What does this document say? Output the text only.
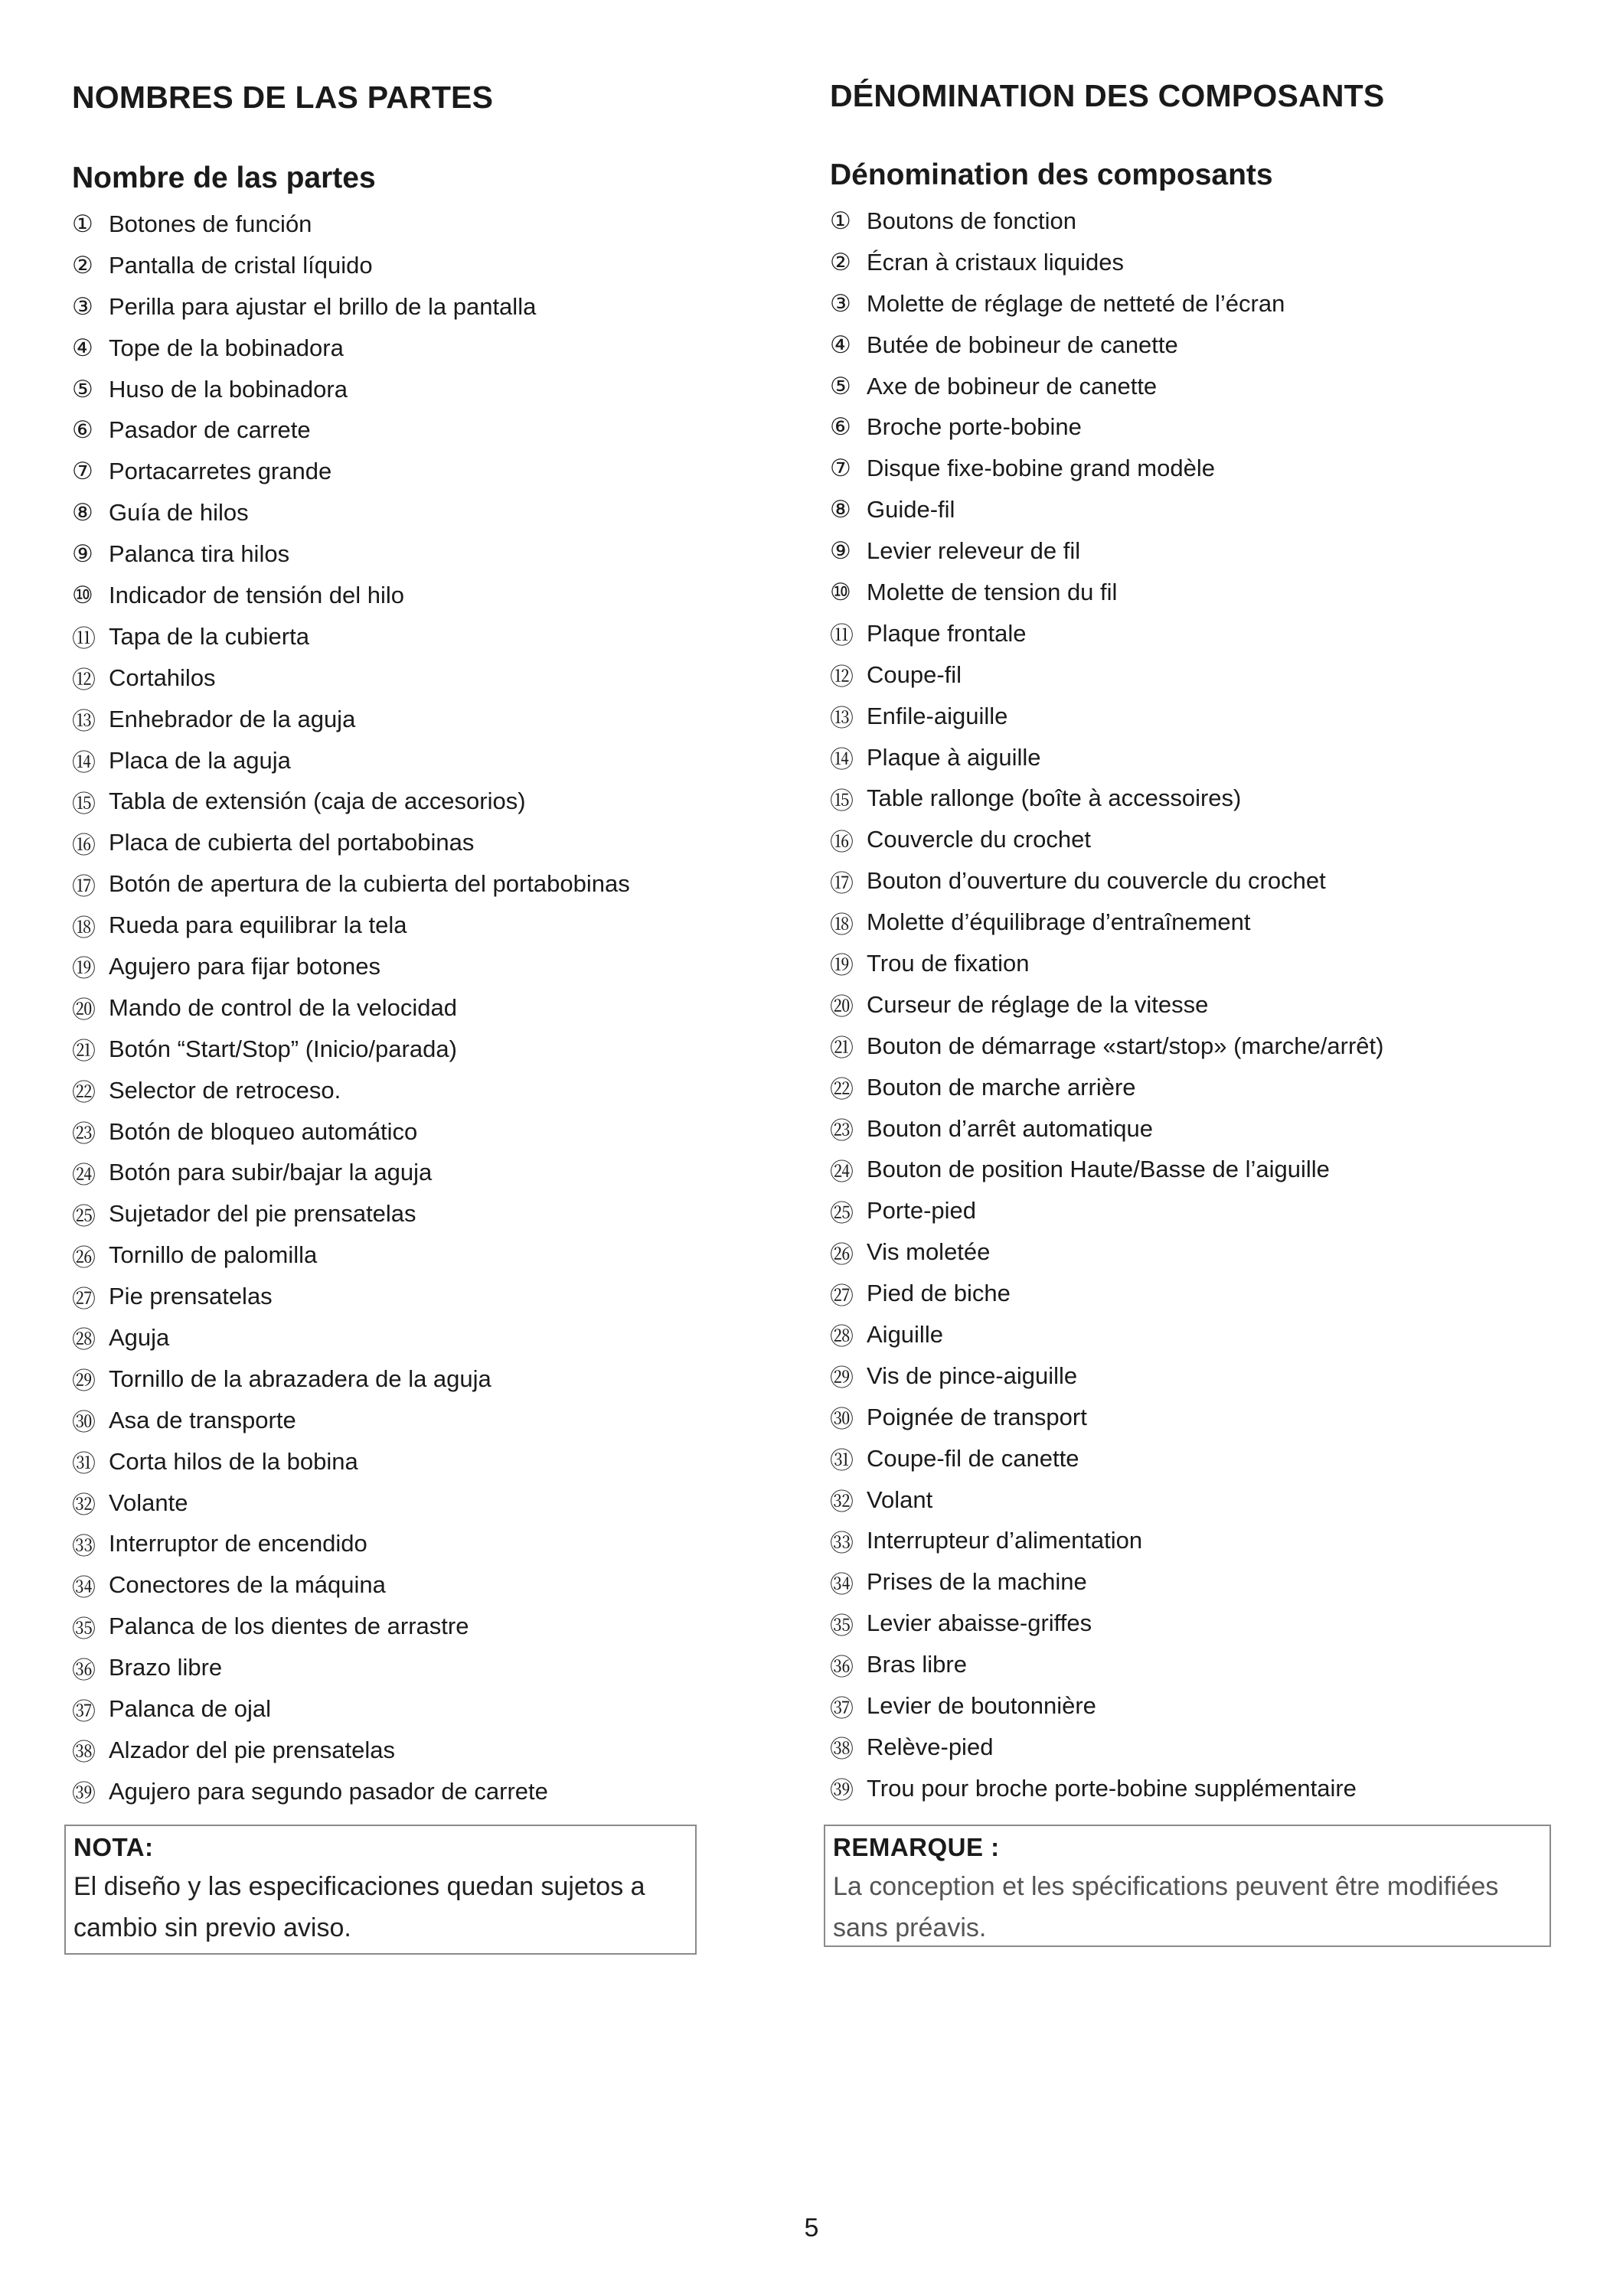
NOMBRES DE LAS PARTES
Nombre de las partes
① Botones de función
② Pantalla de cristal líquido
③ Perilla para ajustar el brillo de la pantalla
④ Tope de la bobinadora
⑤ Huso de la bobinadora
⑥ Pasador de carrete
⑦ Portacarretes grande
⑧ Guía de hilos
⑨ Palanca tira hilos
⑩ Indicador de tensión del hilo
⑪ Tapa de la cubierta
⑫ Cortahilos
⑬ Enhebrador de la aguja
⑭ Placa de la aguja
⑮ Tabla de extensión (caja de accesorios)
⑯ Placa de cubierta del portabobinas
⑰ Botón de apertura de la cubierta del portabobinas
⑱ Rueda para equilibrar la tela
⑲ Agujero para fijar botones
⑳ Mando de control de la velocidad
㉑ Botón “Start/Stop” (Inicio/parada)
㉒ Selector de retroceso.
㉓ Botón de bloqueo automático
㉔ Botón para subir/bajar la aguja
㉕ Sujetador del pie prensatelas
㉖ Tornillo de palomilla
㉗ Pie prensatelas
㉘ Aguja
㉙ Tornillo de la abrazadera de la aguja
㉚ Asa de transporte
㉛ Corta hilos de la bobina
㉜ Volante
㉝ Interruptor de encendido
㉞ Conectores de la máquina
㉟ Palanca de los dientes de arrastre
㊱ Brazo libre
㊲ Palanca de ojal
㊳ Alzador del pie prensatelas
㊴ Agujero para segundo pasador de carrete

NOTA:

El diseño y las especificaciones quedan sujetos a
cambio sin previo aviso.

DÉNOMINATION DES COMPOSANTS
Dénomination des composants
① Boutons de fonction
② Écran à cristaux liquides
③ Molette de réglage de netteté de l’écran
④ Butée de bobineur de canette
⑤ Axe de bobineur de canette
⑥ Broche porte-bobine
⑦ Disque fixe-bobine grand modèle
⑧ Guide-fil
⑨ Levier releveur de fil
⑩ Molette de tension du fil
⑪ Plaque frontale
⑫ Coupe-fil
⑬ Enfile-aiguille
⑭ Plaque à aiguille
⑮ Table rallonge (boîte à accessoires)
⑯ Couvercle du crochet
⑰ Bouton d’ouverture du couvercle du crochet
⑱ Molette d’équilibrage d’entraînement
⑲ Trou de fixation
⑳ Curseur de réglage de la vitesse
㉑ Bouton de démarrage «start/stop» (marche/arrêt)
㉒ Bouton de marche arrière
㉓ Bouton d’arrêt automatique
㉔ Bouton de position Haute/Basse de l’aiguille
㉕ Porte-pied
㉖ Vis moletée
㉗ Pied de biche
㉘ Aiguille
㉙ Vis de pince-aiguille
㉚ Poignée de transport
㉛ Coupe-fil de canette
㉜ Volant
㉝ Interrupteur d’alimentation
㉞ Prises de la machine
㉟ Levier abaisse-griffes
㊱ Bras libre
㊲ Levier de boutonnière
㊳ Relève-pied
㊴ Trou pour broche porte-bobine supplémentaire

REMARQUE :

La conception et les spécifications peuvent être modifiées
sans préavis.

5
